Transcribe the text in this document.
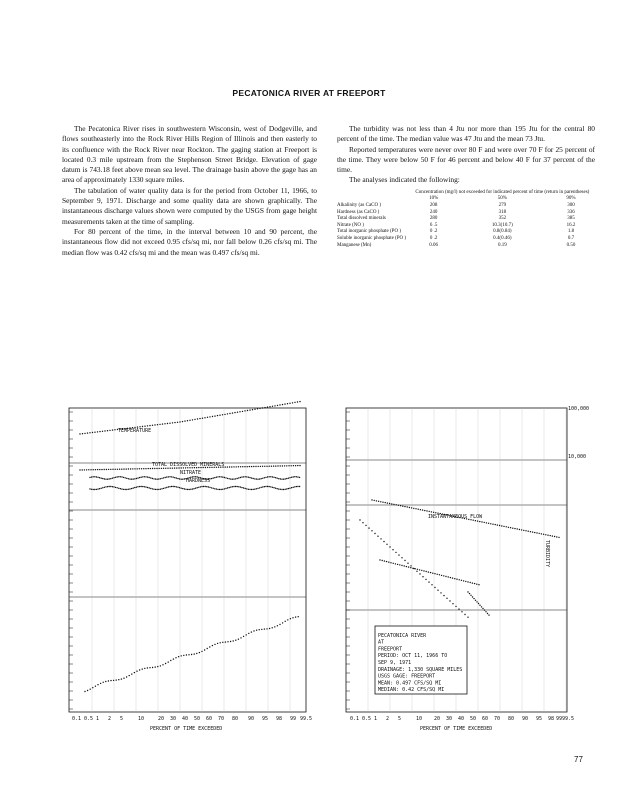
PECATONICA RIVER AT FREEPORT

The Pecatonica River rises in southwestern Wisconsin, west of Dodgeville, and flows southeasterly into the Rock River Hills Region of Illinois and then easterly to its confluence with the Rock River near Rockton. The gaging station at Freeport is located 0.3 mile upstream from the Stephenson Street Bridge. Elevation of gage datum is 743.18 feet above mean sea level. The drainage basin above the gage has an area of approximately 1330 square miles.

The tabulation of water quality data is for the period from October 11, 1966, to September 9, 1971. Discharge and some quality data are shown graphically. The instantaneous discharge values shown were computed by the USGS from gage height measurements taken at the time of sampling.

For 80 percent of the time, in the interval between 10 and 90 percent, the instantaneous flow did not exceed 0.95 cfs/sq mi, nor fall below 0.26 cfs/sq mi. The median flow was 0.42 cfs/sq mi and the mean was 0.497 cfs/sq mi.

The turbidity was not less than 4 Jtu nor more than 195 Jtu for the central 80 percent of the time. The median value was 47 Jtu and the mean 73 Jtu.

Reported temperatures were never over 80 F and were over 70 F for 25 percent of the time. They were below 50 F for 46 percent and below 40 F for 37 percent of the time.

The analyses indicated the following:

	Concentration (mg/l) not exceeded for indicated percent of time (return in parentheses)		
	10%	50%	90%
Alkalinity (as CaCO )	208	279	300
Hardness (as CaCO )	240	318	336
Total dissolved minerals	280	352	385
Nitrate (NO )	6 .5	10.3(10.7)	16.2
Total inorganic phosphate (PO )	0 .2	0.8(0.84)	1.8
Soluble inorganic phosphate (PO )	0 .2	0.4(0.46)	0.7
Manganese (Mn)	0.06	0.19	0.50
TEMPERATURE
TOTAL DISSOLVED MINERALS
NITRATE
HARDNESS
INSTANTANEOUS FLOW
TURBIDITY
100,000
10,000
PECATONICA RIVER
AT
FREEPORT
PERIOD: OCT 11, 1966 TO
SEP 9, 1971
DRAINAGE: 1,330 SQUARE MILES
USGS GAGE: FREEPORT
MEAN: 0.497 CFS/SQ MI
MEDIAN: 0.42 CFS/SQ MI
0.1	0.1
0.5	0.5
1	1
2	2
5	5
10	10
20	20
30	30
40	40
50	50
60	60
70	70
80	80
90	90
95	95
98	98
99	99
99.5	99.5
PERCENT OF TIME EXCEEDED	PERCENT OF TIME EXCEEDED
77
